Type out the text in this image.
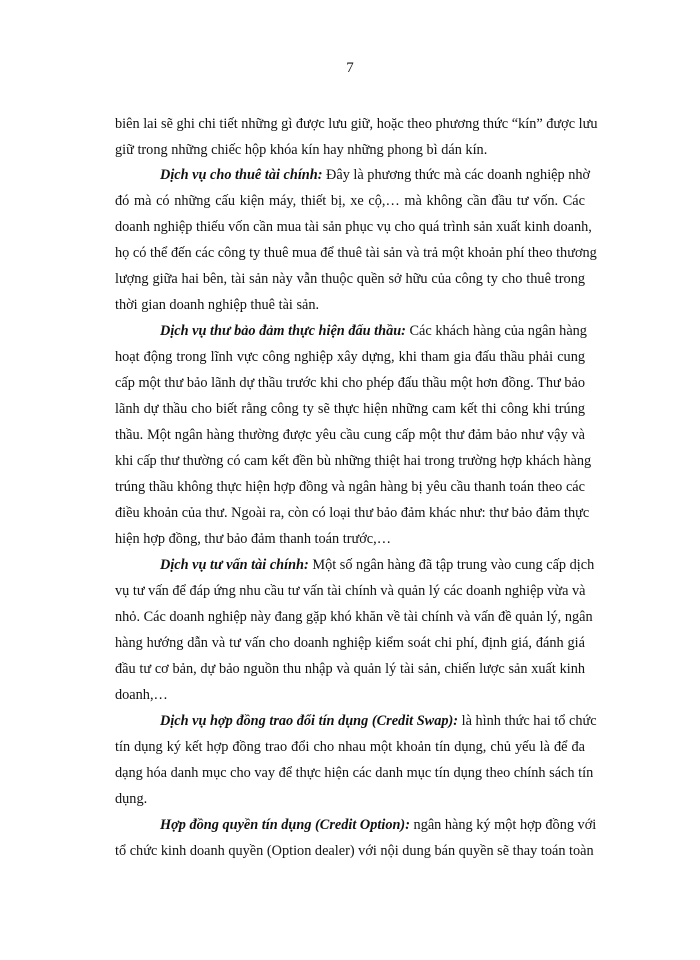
7
biên lai sẽ ghi chi tiết những gì được lưu giữ, hoặc theo phương thức “kín” được lưu
giữ trong những chiếc hộp khóa kín hay những phong bì dán kín.
Dịch vụ cho thuê tài chính: Đây là phương thức mà các doanh nghiệp nhờ
đó mà có những cấu kiện máy, thiết bị, xe cộ,… mà không cần đầu tư vốn. Các
doanh nghiệp thiếu vốn cần mua tài sản phục vụ cho quá trình sản xuất kinh doanh,
họ có thể đến các công ty thuê mua để thuê tài sản và trả một khoản phí theo thương
lượng giữa hai bên, tài sản này vẫn thuộc quền sở hữu của công ty cho thuê trong
thời gian doanh nghiệp thuê tài sản.
Dịch vụ thư bảo đảm thực hiện đấu thầu: Các khách hàng của ngân hàng
hoạt động trong lĩnh vực công nghiệp xây dựng, khi tham gia đấu thầu phải cung
cấp một thư bảo lãnh dự thầu trước khi cho phép đấu thầu một hơn đồng. Thư bảo
lãnh dự thầu cho biết rằng công ty sẽ thực hiện những cam kết thi công khi trúng
thầu. Một ngân hàng thường được yêu cầu cung cấp một thư đảm bảo như vậy và
khi cấp thư thường có cam kết đền bù những thiệt hai trong trường hợp khách hàng
trúng thầu không thực hiện hợp đồng và ngân hàng bị yêu cầu thanh toán theo các
điều khoản của thư. Ngoài ra, còn có loại thư bảo đảm khác như: thư bảo đảm thực
hiện hợp đồng, thư bảo đảm thanh toán trước,…
Dịch vụ tư vấn tài chính: Một số ngân hàng đã tập trung vào cung cấp dịch
vụ tư vấn để đáp ứng nhu cầu tư vấn tài chính và quản lý các doanh nghiệp vừa và
nhỏ. Các doanh nghiệp này đang gặp khó khăn về tài chính và vấn đề quản lý, ngân
hàng hướng dẫn và tư vấn cho doanh nghiệp kiểm soát chi phí, định giá, đánh giá
đầu tư cơ bản, dự bảo nguồn thu nhập và quản lý tài sản, chiến lược sản xuất kinh
doanh,…
Dịch vụ hợp đồng trao đổi tín dụng (Credit Swap): là hình thức hai tổ chức
tín dụng ký kết hợp đồng trao đổi cho nhau một khoản tín dụng, chủ yếu là để đa
dạng hóa danh mục cho vay để thực hiện các danh mục tín dụng theo chính sách tín
dụng.
Hợp đồng quyền tín dụng (Credit Option): ngân hàng ký một hợp đồng với
tổ chức kinh doanh quyền (Option dealer) với nội dung bán quyền sẽ thay toán toàn
